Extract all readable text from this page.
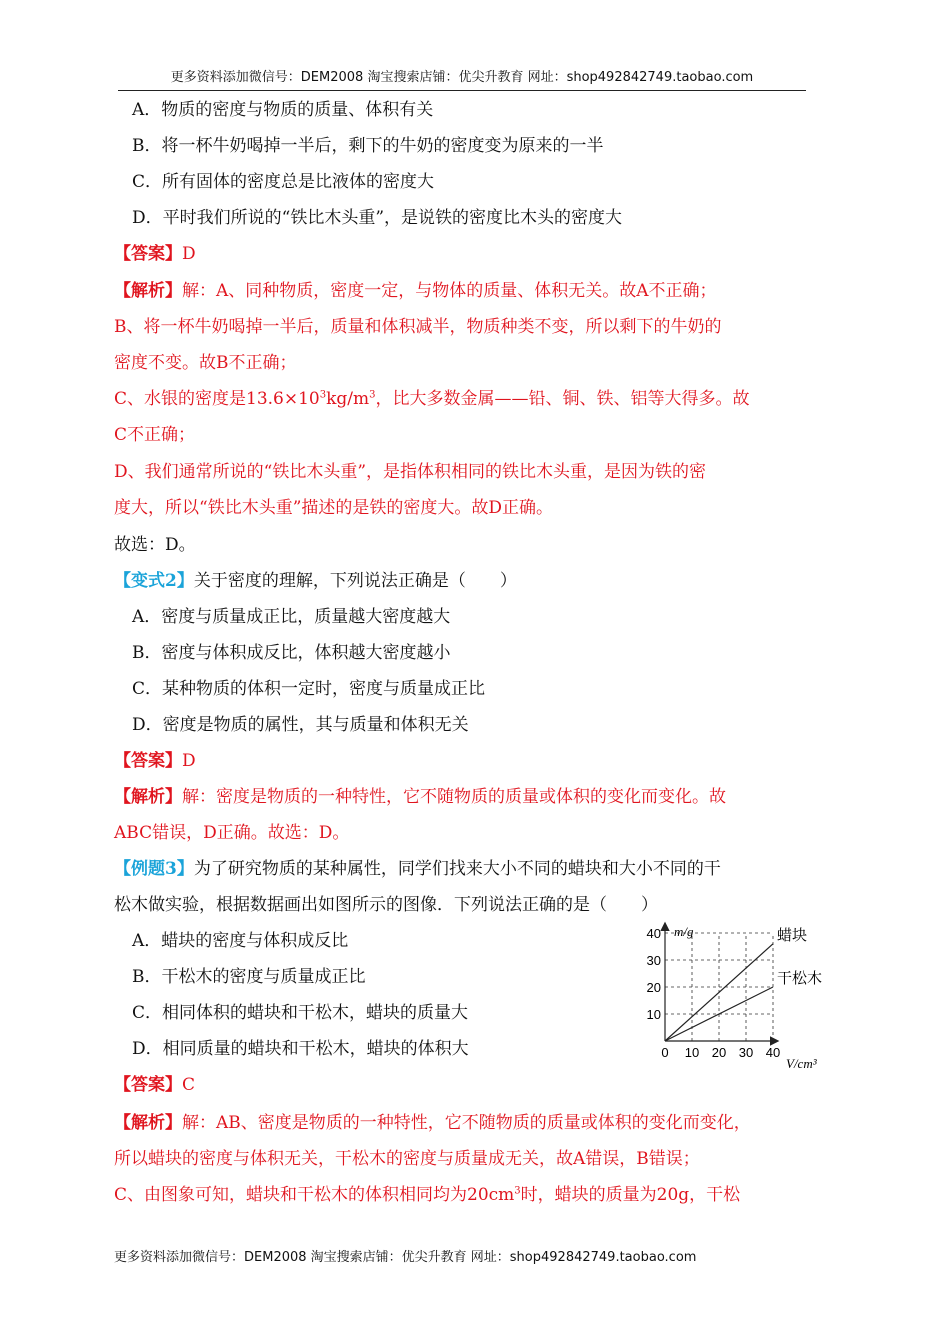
更多资料添加微信号：DEM2008 淘宝搜索店铺：优尖升教育 网址：shop492842749.taobao.com
A．物质的密度与物质的质量、体积有关
B．将一杯牛奶喝掉一半后，剩下的牛奶的密度变为原来的一半
C．所有固体的密度总是比液体的密度大
D．平时我们所说的“铁比木头重”，是说铁的密度比木头的密度大
【答案】D
【解析】解：A、同种物质，密度一定，与物体的质量、体积无关。故A不正确；
B、将一杯牛奶喝掉一半后，质量和体积减半，物质种类不变，所以剩下的牛奶的
密度不变。故B不正确；
C、水银的密度是$13.6\times 10^3kg/m^3$，比大多数金属——铅、铜、铁、铝等大得多。故
C不正确；
D、我们通常所说的“铁比木头重”，是指体积相同的铁比木头重，是因为铁的密
度大，所以“铁比木头重”描述的是铁的密度大。故D正确。
故选：D。
【变式2】关于密度的理解，下列说法正确是（　　）
A．密度与质量成正比，质量越大密度越大
B．密度与体积成反比，体积越大密度越小
C．某种物质的体积一定时，密度与质量成正比
D．密度是物质的属性，其与质量和体积无关
【答案】D
【解析】解：密度是物质的一种特性，它不随物质的质量或体积的变化而变化。故
ABC错误，D正确。故选：D。
【例题3】为了研究物质的某种属性，同学们找来大小不同的蜡块和大小不同的干
松木做实验，根据数据画出如图所示的图像．下列说法正确的是（　　）
A．蜡块的密度与体积成反比
B．干松木的密度与质量成正比
C．相同体积的蜡块和干松木，蜡块的质量大
D．相同质量的蜡块和干松木，蜡块的体积大
【答案】C
【解析】解：AB、密度是物质的一种特性，它不随物质的质量或体积的变化而变化，
所以蜡块的密度与体积无关，干松木的密度与质量成无关，故A错误，B错误；
C、由图象可知，蜡块和干松木的体积相同均为$20cm^3$时，蜡块的质量为20g，干松
m/g
V/cm³
0 10 20 30 40
10
20
30
40	蜡块
干松木
更多资料添加微信号：DEM2008 淘宝搜索店铺：优尖升教育 网址：shop492842749.taobao.com
